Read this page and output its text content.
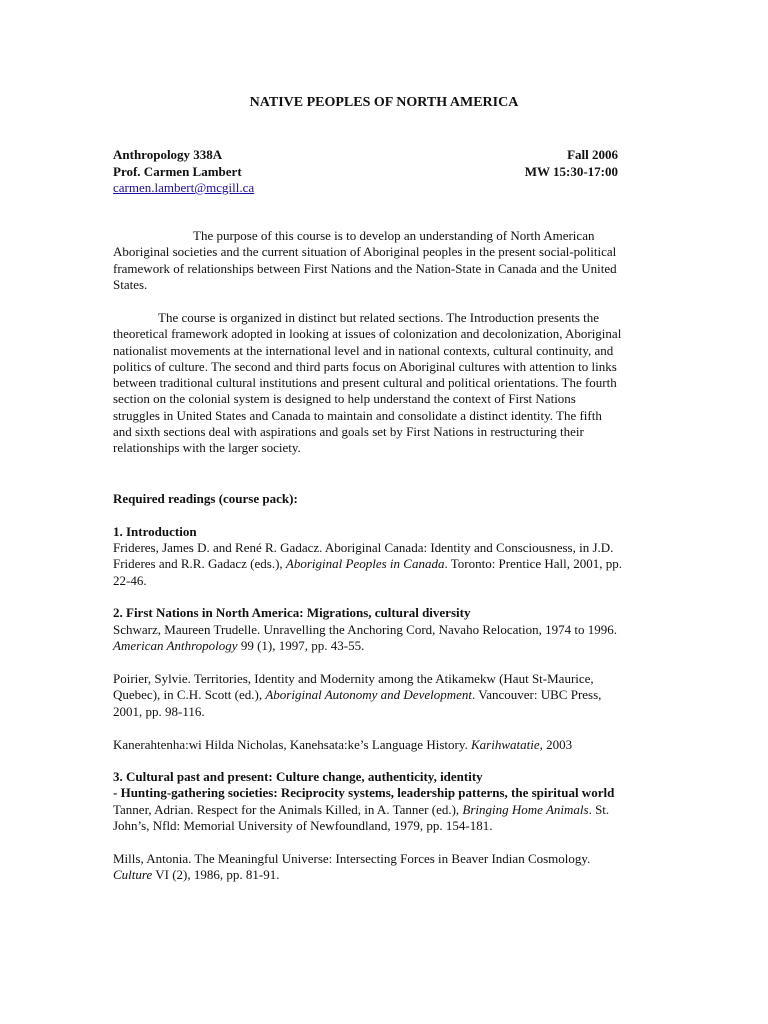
NATIVE PEOPLES OF NORTH AMERICA
Anthropology 338A	Fall 2006
Prof. Carmen Lambert	MW 15:30-17:00
carmen.lambert@mcgill.ca
The purpose of this course is to develop an understanding of North American
Aboriginal societies and the current situation of Aboriginal peoples in the present social-political
framework of relationships between First Nations and the Nation-State in Canada and the United
States.
The course is organized in distinct but related sections. The Introduction presents the
theoretical framework adopted in looking at issues of colonization and decolonization, Aboriginal
nationalist movements at the international level and in national contexts, cultural continuity, and
politics of culture. The second and third parts focus on Aboriginal cultures with attention to links
between traditional cultural institutions and present cultural and political orientations. The fourth
section on the colonial system is designed to help understand the context of First Nations
struggles in United States and Canada to maintain and consolidate a distinct identity. The fifth
and sixth sections deal with aspirations and goals set by First Nations in restructuring their
relationships with the larger society.
Required readings (course pack):
1. Introduction
Frideres, James D. and René R. Gadacz. Aboriginal Canada: Identity and Consciousness, in J.D.
Frideres and R.R. Gadacz (eds.), Aboriginal Peoples in Canada. Toronto: Prentice Hall, 2001, pp.
22-46.
2. First Nations in North America: Migrations, cultural diversity
Schwarz, Maureen Trudelle. Unravelling the Anchoring Cord, Navaho Relocation, 1974 to 1996.
American Anthropology 99 (1), 1997, pp. 43-55.
Poirier, Sylvie. Territories, Identity and Modernity among the Atikamekw (Haut St-Maurice,
Quebec), in C.H. Scott (ed.), Aboriginal Autonomy and Development. Vancouver: UBC Press,
2001, pp. 98-116.
Kanerahtenha:wi Hilda Nicholas, Kanehsata:ke’s Language History. Karihwatatie, 2003
3. Cultural past and present: Culture change, authenticity, identity
- Hunting-gathering societies: Reciprocity systems, leadership patterns, the spiritual world
Tanner, Adrian. Respect for the Animals Killed, in A. Tanner (ed.), Bringing Home Animals. St.
John’s, Nfld: Memorial University of Newfoundland, 1979, pp. 154-181.
Mills, Antonia. The Meaningful Universe: Intersecting Forces in Beaver Indian Cosmology.
Culture VI (2), 1986, pp. 81-91.
